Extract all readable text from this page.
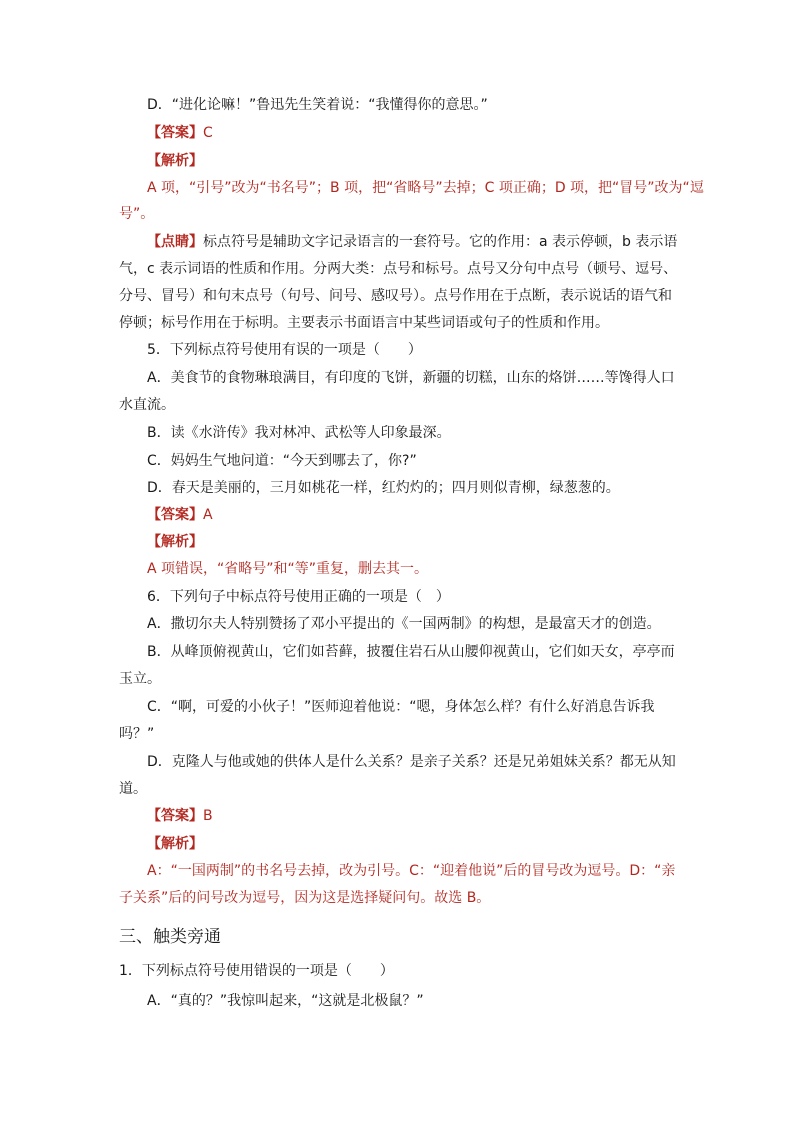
D．“进化论嘛！”鲁迅先生笑着说：“我懂得你的意思。”
【答案】C
【解析】
A 项，“引号”改为“书名号”；B 项，把“省略号”去掉；C 项正确；D 项，把“冒号”改为“逗
号”。
【点睛】标点符号是辅助文字记录语言的一套符号。它的作用：a 表示停顿，b 表示语
气，c 表示词语的性质和作用。分两大类：点号和标号。点号又分句中点号（顿号、逗号、
分号、冒号）和句末点号（句号、问号、感叹号）。点号作用在于点断，表示说话的语气和
停顿；标号作用在于标明。主要表示书面语言中某些词语或句子的性质和作用。
5．下列标点符号使用有误的一项是（　　）
A．美食节的食物琳琅满目，有印度的飞饼，新疆的切糕，山东的烙饼……等馋得人口
水直流。
B．读《水浒传》我对林冲、武松等人印象最深。
C．妈妈生气地问道：“今天到哪去了，你?”
D．春天是美丽的，三月如桃花一样，红灼灼的；四月则似青柳，绿葱葱的。
【答案】A
【解析】
A 项错误，“省略号”和“等”重复，删去其一。
6．下列句子中标点符号使用正确的一项是（　）
A．撒切尔夫人特别赞扬了邓小平提出的《一国两制》的构想，是最富天才的创造。
B．从峰顶俯视黄山，它们如苔藓，披覆住岩石从山腰仰视黄山，它们如天女，亭亭而
玉立。
C．“啊，可爱的小伙子！”医师迎着他说：“嗯，身体怎么样？有什么好消息告诉我
吗？”
D．克隆人与他或她的供体人是什么关系？是亲子关系？还是兄弟姐妹关系？都无从知
道。
【答案】B
【解析】
A：“一国两制”的书名号去掉，改为引号。C：“迎着他说”后的冒号改为逗号。D：“亲
子关系”后的问号改为逗号，因为这是选择疑问句。故选 B。
三、触类旁通
1．下列标点符号使用错误的一项是（　　）
A．“真的？”我惊叫起来，“这就是北极鼠？”
